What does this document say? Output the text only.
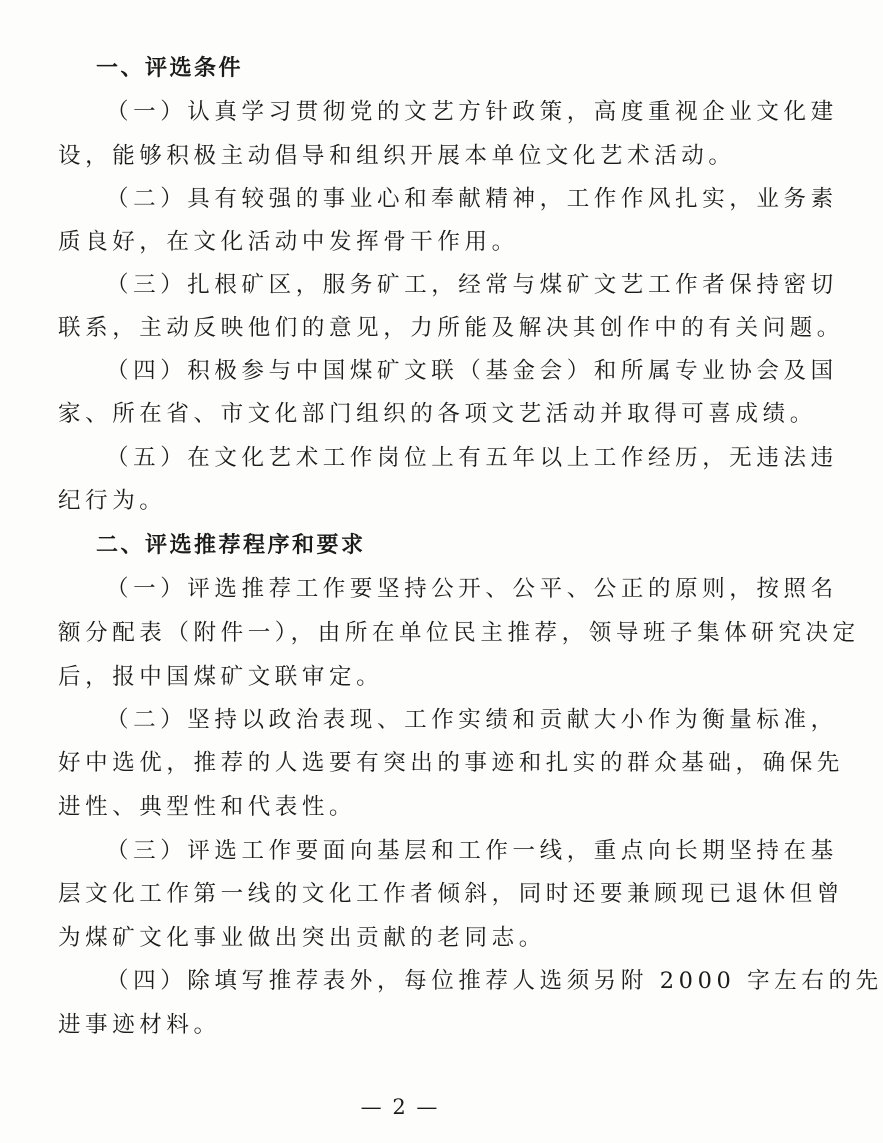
一、评选条件
（一）认真学习贯彻党的文艺方针政策，高度重视企业文化建
设，能够积极主动倡导和组织开展本单位文化艺术活动。
（二）具有较强的事业心和奉献精神，工作作风扎实，业务素
质良好，在文化活动中发挥骨干作用。
（三）扎根矿区，服务矿工，经常与煤矿文艺工作者保持密切
联系，主动反映他们的意见，力所能及解决其创作中的有关问题。
（四）积极参与中国煤矿文联（基金会）和所属专业协会及国
家、所在省、市文化部门组织的各项文艺活动并取得可喜成绩。
（五）在文化艺术工作岗位上有五年以上工作经历，无违法违
纪行为。
二、评选推荐程序和要求
（一）评选推荐工作要坚持公开、公平、公正的原则，按照名
额分配表（附件一），由所在单位民主推荐，领导班子集体研究决定
后，报中国煤矿文联审定。
（二）坚持以政治表现、工作实绩和贡献大小作为衡量标准，
好中选优，推荐的人选要有突出的事迹和扎实的群众基础，确保先
进性、典型性和代表性。
（三）评选工作要面向基层和工作一线，重点向长期坚持在基
层文化工作第一线的文化工作者倾斜，同时还要兼顾现已退休但曾
为煤矿文化事业做出突出贡献的老同志。
（四）除填写推荐表外，每位推荐人选须另附 2000 字左右的先
进事迹材料。
— 2 —
